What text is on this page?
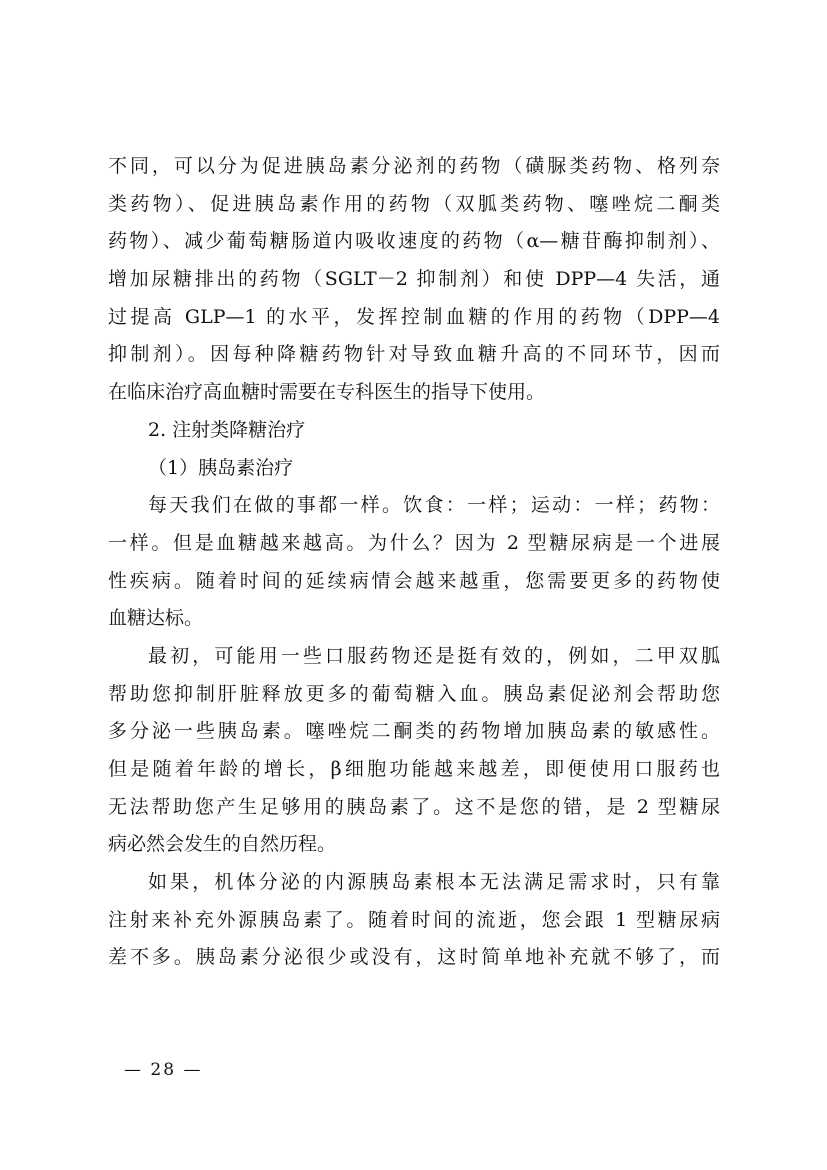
不同，可以分为促进胰岛素分泌剂的药物（磺脲类药物、格列奈
类药物）、促进胰岛素作用的药物（双胍类药物、噻唑烷二酮类
药物）、减少葡萄糖肠道内吸收速度的药物（α—糖苷酶抑制剂）、
增加尿糖排出的药物（SGLT－2 抑制剂）和使 DPP—4 失活，通
过提高 GLP—1 的水平，发挥控制血糖的作用的药物（DPP—4
抑制剂）。因每种降糖药物针对导致血糖升高的不同环节，因而
在临床治疗高血糖时需要在专科医生的指导下使用。
2. 注射类降糖治疗
（1）胰岛素治疗
每天我们在做的事都一样。饮食：一样；运动：一样；药物：
一样。但是血糖越来越高。为什么？因为 2 型糖尿病是一个进展
性疾病。随着时间的延续病情会越来越重，您需要更多的药物使
血糖达标。
最初，可能用一些口服药物还是挺有效的，例如，二甲双胍
帮助您抑制肝脏释放更多的葡萄糖入血。胰岛素促泌剂会帮助您
多分泌一些胰岛素。噻唑烷二酮类的药物增加胰岛素的敏感性。
但是随着年龄的增长，β细胞功能越来越差，即便使用口服药也
无法帮助您产生足够用的胰岛素了。这不是您的错，是 2 型糖尿
病必然会发生的自然历程。
如果，机体分泌的内源胰岛素根本无法满足需求时，只有靠
注射来补充外源胰岛素了。随着时间的流逝，您会跟 1 型糖尿病
差不多。胰岛素分泌很少或没有，这时简单地补充就不够了，而
— 28 —
